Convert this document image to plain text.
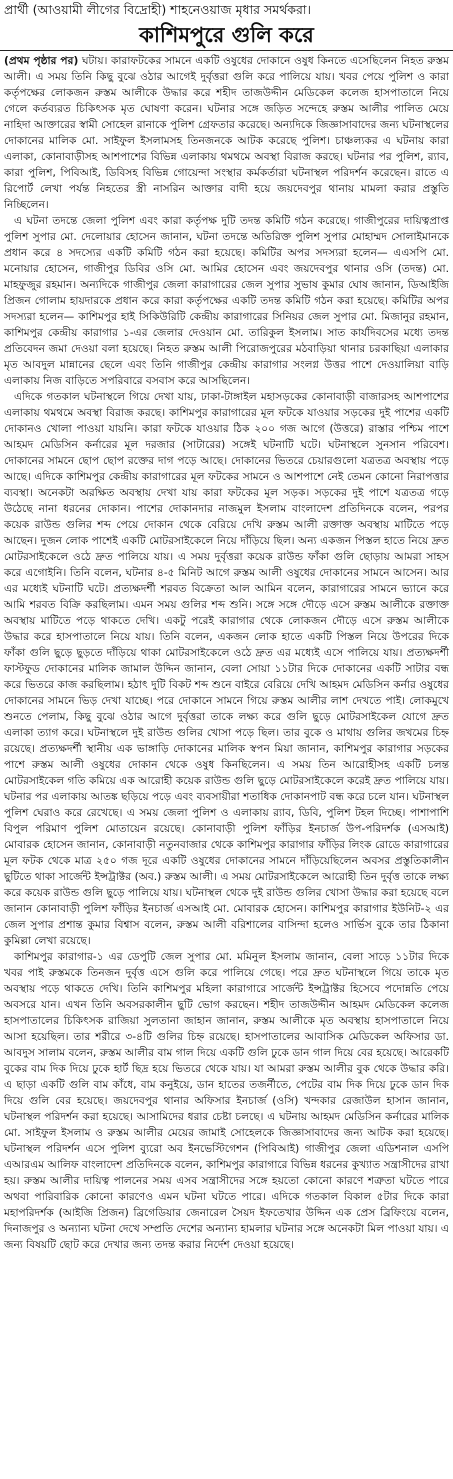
প্রার্থী (আওয়ামী লীগের বিদ্রোহী) শাহনেওয়াজ মৃধার সমর্থকরা।
কাশিমপুরে গুলি করে

(প্রথম পৃষ্ঠার পর) ঘটায়। কারাফটকের সামনে একটি ওষুধের দোকানে ওষুধ কিনতে এসেছিলেন নিহত রুস্তম আলী। এ সময় তিনি কিছু বুঝে ওঠার আগেই দুর্বৃত্তরা গুলি করে পালিয়ে যায়। খবর পেয়ে পুলিশ ও কারা কর্তৃপক্ষের লোকজন রুস্তম আলীকে উদ্ধার করে শহীদ তাজউদ্দীন মেডিকেল কলেজ হাসপাতালে নিয়ে গেলে কর্তব্যরত চিকিৎসক মৃত ঘোষণা করেন। ঘটনার সঙ্গে জড়িত সন্দেহে রুস্তম আলীর পালিত মেয়ে নাহিদা আক্তারের স্বামী সোহেল রানাকে পুলিশ গ্রেফতার করেছে। অন্যদিকে জিজ্ঞাসাবাদের জন্য ঘটনাস্থলের দোকানের মালিক মো. সাইফুল ইসলামসহ তিনজনকে আটক করেছে পুলিশ। চাঞ্চল্যকর এ ঘটনায় কারা এলাকা, কোনাবাড়ীসহ আশপাশের বিভিন্ন এলাকায় থমথমে অবস্থা বিরাজ করছে। ঘটনার পর পুলিশ, র‌্যাব, কারা পুলিশ, পিবিআই, ডিবিসহ বিভিন্ন গোয়েন্দা সংস্থার কর্মকর্তারা ঘটনাস্থল পরিদর্শন করেছেন। রাতে এ রিপোর্ট লেখা পর্যন্ত নিহতের স্ত্রী নাসরিন আক্তার বাদী হয়ে জয়দেবপুর থানায় মামলা করার প্রস্তুতি নিচ্ছিলেন।

এ ঘটনা তদন্তে জেলা পুলিশ এবং কারা কর্তৃপক্ষ দুটি তদন্ত কমিটি গঠন করেছে। গাজীপুরের দায়িত্বপ্রাপ্ত পুলিশ সুপার মো. দেলোয়ার হোসেন জানান, ঘটনা তদন্তে অতিরিক্ত পুলিশ সুপার মোহাম্মদ সোলাইমানকে প্রধান করে ৪ সদস্যের একটি কমিটি গঠন করা হয়েছে। কমিটির অপর সদস্যরা হলেন— এএসপি মো. মনোয়ার হোসেন, গাজীপুর ডিবির ওসি মো. আমির হোসেন এবং জয়দেবপুর থানার ওসি (তদন্ত) মো. মাহফুজুর রহমান। অন্যদিকে গাজীপুর জেলা কারাগারের জেল সুপার সুভাষ কুমার ঘোষ জানান, ডিআইজি প্রিজন গোলাম হায়দারকে প্রধান করে কারা কর্তৃপক্ষের একটি তদন্ত কমিটি গঠন করা হয়েছে। কমিটির অপর সদস্যরা হলেন— কাশিমপুর হাই সিকিউরিটি কেন্দ্রীয় কারাগারের সিনিয়র জেল সুপার মো. মিজানুর রহমান, কাশিমপুর কেন্দ্রীয় কারাগার ১-এর জেলার দেওয়ান মো. তারিকুল ইসলাম। সাত কার্যদিবসের মধ্যে তদন্ত প্রতিবেদন জমা দেওয়া বলা হয়েছে। নিহত রুস্তম আলী পিরোজপুরের মঠবাড়িয়া থানার চরকাছিয়া এলাকার মৃত আবদুল মান্নানের ছেলে এবং তিনি গাজীপুর কেন্দ্রীয় কারাগার সংলগ্ন উত্তর পাশে দেওয়ালিয়া বাড়ি এলাকায় নিজ বাড়িতে সপরিবারে বসবাস করে আসছিলেন।

এদিকে গতকাল ঘটনাস্থলে গিয়ে দেখা যায়, ঢাকা-টাঙ্গাইল মহাসড়কের কোনাবাড়ী বাজারসহ আশপাশের এলাকায় থমথমে অবস্থা বিরাজ করছে। কাশিমপুর কারাগারের মূল ফটকে যাওয়ার সড়কের দুই পাশের একটি দোকানও খোলা পাওয়া যায়নি। কারা ফটকে যাওয়ার ঠিক ২০০ গজ আগে (উত্তরে) রাস্তার পশ্চিম পাশে আহমদ মেডিসিন কর্নারের মূল দরজার (সাটারের) সঙ্গেই ঘটনাটি ঘটে। ঘটনাস্থলে সুনসান পরিবেশ। দোকানের সামনে ছোপ ছোপ রক্তের দাগ পড়ে আছে। দোকানের ভিতরে চেয়ারগুলো যত্রতত্র অবস্থায় পড়ে আছে। এদিকে কাশিমপুর কেন্দ্রীয় কারাগারের মূল ফটকের সামনে ও আশপাশে নেই তেমন কোনো নিরাপত্তার ব্যবস্থা। অনেকটা অরক্ষিত অবস্থায় দেখা যায় কারা ফটকের মূল সড়ক। সড়কের দুই পাশে যত্রতত্র গড়ে উঠেছে নানা ধরনের দোকান। পাশের দোকানদার নাজমুল ইসলাম বাংলাদেশ প্রতিদিনকে বলেন, পরপর কয়েক রাউন্ড গুলির শব্দ পেয়ে দোকান থেকে বেরিয়ে দেখি রুস্তম আলী রক্তাক্ত অবস্থায় মাটিতে পড়ে আছেন। দুজন লোক পাশেই একটি মোটরসাইকেলে নিয়ে দাঁড়িয়ে ছিল। অন্য একজন পিস্তল হাতে নিয়ে দ্রুত মোটরসাইকেলে ওঠে দ্রুত পালিয়ে যায়। এ সময় দুর্বৃত্তরা কয়েক রাউন্ড ফাঁকা গুলি ছোড়ায় আমরা সাহস করে এগোইনি। তিনি বলেন, ঘটনার ৪-৫ মিনিট আগে রুস্তম আলী ওষুধের দোকানের সামনে আসেন। আর এর মধ্যেই ঘটনাটি ঘটে। প্রত্যক্ষদর্শী শরবত বিক্রেতা আল আমিন বলেন, কারাগারের সামনে ভ্যানে করে আমি শরবত বিক্রি করছিলাম। এমন সময় গুলির শব্দ শুনি। সঙ্গে সঙ্গে দৌড়ে এসে রুস্তম আলীকে রক্তাক্ত অবস্থায় মাটিতে পড়ে থাকতে দেখি। একটু পরেই কারাগার থেকে লোকজন দৌড়ে এসে রুস্তম আলীকে উদ্ধার করে হাসপাতালে নিয়ে যায়। তিনি বলেন, একজন লোক হাতে একটি পিস্তল নিয়ে উপরের দিকে ফাঁকা গুলি ছুড়ে ছুড়তে দাঁড়িয়ে থাকা মোটরসাইকেলে ওঠে দ্রুত এর মধ্যেই এসে পালিয়ে যায়। প্রত্যক্ষদর্শী ফাস্টফুড দোকানের মালিক জামাল উদ্দিন জানান, বেলা সোয়া ১১টার দিকে দোকানের একটি সাটার বন্ধ করে ভিতরে কাজ করছিলাম। হঠাৎ দুটি বিকট শব্দ শুনে বাইরে বেরিয়ে দেখি আহমদ মেডিসিন কর্নার ওষুধের দোকানের সামনে ভিড় দেখা যাচ্ছে। পরে দোকানে সামনে গিয়ে রুস্তম আলীর লাশ দেখতে পাই। লোকমুখে শুনতে পেলাম, কিছু বুঝে ওঠার আগে দুর্বৃত্তরা তাকে লক্ষ্য করে গুলি ছুড়ে মোটরসাইকেল যোগে দ্রুত এলাকা ত্যাগ করে। ঘটনাস্থলে দুই রাউন্ড গুলির খোসা পড়ে ছিল। তার বুকে ও মাথায় গুলির জখমের চিহ্ন রয়েছে। প্রত্যক্ষদর্শী স্থানীয় এক ভাঙ্গাড়ি দোকানের মালিক স্বপন মিয়া জানান, কাশিমপুর কারাগার সড়কের পাশে রুস্তম আলী ওষুধের দোকান থেকে ওষুধ কিনছিলেন। এ সময় তিন আরোহীসহ একটি চলন্ত মোটরসাইকেল গতি কমিয়ে এক আরোহী কয়েক রাউন্ড গুলি ছুড়ে মোটরসাইকেলে করেই দ্রুত পালিয়ে যায়। ঘটনার পর এলাকায় আতঙ্ক ছড়িয়ে পড়ে এবং ব্যবসায়ীরা শতাধিক দোকানপাট বন্ধ করে চলে যান। ঘটনাস্থল পুলিশ ঘেরাও করে রেখেছে। এ সময় জেলা পুলিশ ও এলাকায় র‌্যাব, ডিবি, পুলিশ টহল দিচ্ছে। পাশাপাশি বিপুল পরিমাণ পুলিশ মোতায়েন রয়েছে। কোনাবাড়ী পুলিশ ফাঁড়ির ইনচার্জ উপ-পরিদর্শক (এসআই) মোবারক হোসেন জানান, কোনাবাড়ী নতুনবাজার থেকে কাশিমপুর কারাগার ফাঁড়ির লিংক রোডে কারাগারের মূল ফটক থেকে মাত্র ২৫০ গজ দূরে একটি ওষুধের দোকানের সামনে দাঁড়িয়েছিলেন অবসর প্রস্তুতিকালীন ছুটিতে থাকা সার্জেন্ট ইন্সট্রাক্টর (অব.) রুস্তম আলী। এ সময় মোটরসাইকেলে আরোহী তিন দুর্বৃত্ত তাকে লক্ষ্য করে কয়েক রাউন্ড গুলি ছুড়ে পালিয়ে যায়। ঘটনাস্থল থেকে দুই রাউন্ড গুলির খোসা উদ্ধার করা হয়েছে বলে জানান কোনাবাড়ী পুলিশ ফাঁড়ির ইনচার্জ এসআই মো. মোবারক হোসেন। কাশিমপুর কারাগার ইউনিট-২ এর জেল সুপার প্রশান্ত কুমার বিশ্বাস বলেন, রুস্তম আলী বরিশালের বাসিন্দা হলেও সার্ভিস বুকে তার ঠিকানা কুমিল্লা লেখা রয়েছে।

কাশিমপুর কারাগার-১ এর ডেপুটি জেল সুপার মো. মমিনুল ইসলাম জানান, বেলা সাড়ে ১১টার দিকে খবর পাই রুস্তমকে তিনজন দুর্বৃত্ত এসে গুলি করে পালিয়ে গেছে। পরে দ্রুত ঘটনাস্থলে গিয়ে তাকে মৃত অবস্থায় পড়ে থাকতে দেখি। তিনি কাশিমপুর মহিলা কারাগারে সার্জেন্ট ইন্সট্রাক্টর হিসেবে পদোন্নতি পেয়ে অবসরে যান। এখন তিনি অবসরকালীন ছুটি ভোগ করছেন। শহীদ তাজউদ্দীন আহমদ মেডিকেল কলেজ হাসপাতালের চিকিৎসক রাজিয়া সুলতানা জাহান জানান, রুস্তম আলীকে মৃত অবস্থায় হাসপাতালে নিয়ে আসা হয়েছিল। তার শরীরে ৩-৪টি গুলির চিহ্ন রয়েছে। হাসপাতালের আবাসিক মেডিকেল অফিসার ডা. আবদুস সালাম বলেন, রুস্তম আলীর বাম গাল দিয়ে একটি গুলি ঢুকে ডান গাল দিয়ে বের হয়েছে। আরেকটি বুকের বাম দিক দিয়ে ঢুকে হার্ট ছিদ্র হয়ে ভিতরে থেকে যায়। যা আমরা রুস্তম আলীর বুক থেকে উদ্ধার করি। এ ছাড়া একটি গুলি বাম কাঁধে, বাম কনুইয়ে, ডান হাতের তজর্নীতে, পেটের বাম দিক দিয়ে ঢুকে ডান দিক দিয়ে গুলি বের হয়েছে। জয়দেবপুর থানার অফিসার ইনচার্জ (ওসি) খন্দকার রেজাউল হাসান জানান, ঘটনাস্থল পরিদর্শন করা হয়েছে। আসামিদের ধরার চেষ্টা চলছে। এ ঘটনায় আহমদ মেডিসিন কর্নারের মালিক মো. সাইফুল ইসলাম ও রুস্তম আলীর মেয়ের জামাই সোহেলকে জিজ্ঞাসাবাদের জন্য আটক করা হয়েছে। ঘটনাস্থল পরিদর্শন এসে পুলিশ ব্যুরো অব ইনভেস্টিগেশন (পিবিআই) গাজীপুর জেলা এডিশনাল এসপি এআরএম আলিফ বাংলাদেশ প্রতিদিনকে বলেন, কাশিমপুর কারাগারে বিভিন্ন ধরনের কুখ্যাত সন্ত্রাসীদের রাখা হয়। রুস্তম আলীর দায়িত্ব পালনের সময় এসব সন্ত্রাসীদের সঙ্গে হয়তো কোনো কারণে শত্রুতা ঘটতে পারে অথবা পারিবারিক কোনো কারণেও এমন ঘটনা ঘটতে পারে। এদিকে গতকাল বিকাল ৫টার দিকে কারা মহাপরিদর্শক (আইজি প্রিজন) ব্রিগেডিয়ার জেনারেল সৈয়দ ইফতেখার উদ্দিন এক প্রেস ব্রিফিংয়ে বলেন, দিনাজপুর ও অন্যান্য ঘটনা দেখে সম্প্রতি দেশের অন্যান্য হামলার ঘটনার সঙ্গে অনেকটা মিল পাওয়া যায়। এ জন্য বিষয়টি ছোট করে দেখার জন্য তদন্ত করার নির্দেশ দেওয়া হয়েছে।
